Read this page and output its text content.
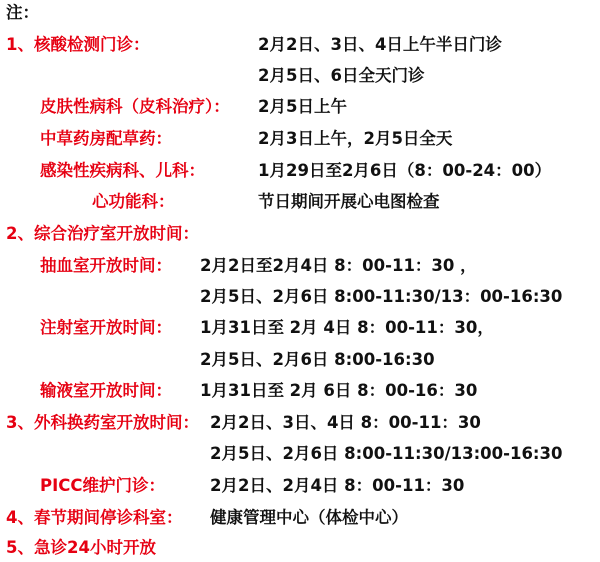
注：
1、核酸检测门诊：	2月2日、3日、4日上午半日门诊
2月5日、6日全天门诊
皮肤性病科（皮科治疗）： 2月5日上午
中草药房配草药：	2月3日上午，2月5日全天
感染性疾病科、儿科：	1月29日至2月6日（8：00-24：00）
心功能科：	节日期间开展心电图检查
2、综合治疗室开放时间：
抽血室开放时间： 2月2日至2月4日 8：00-11：30 ，
2月5日、2月6日 8:00-11:30/13：00-16:30
注射室开放时间： 1月31日至 2月 4日 8：00-11：30，
2月5日、2月6日 8:00-16:30
输液室开放时间： 1月31日至 2月 6日 8：00-16：30
3、外科换药室开放时间： 2月2日、3日、4日 8：00-11：30
2月5日、2月6日 8:00-11:30/13:00-16:30
PICC维护门诊：	2月2日、2月4日 8：00-11：30
4、春节期间停诊科室： 健康管理中心（体检中心）
5、急诊24小时开放
